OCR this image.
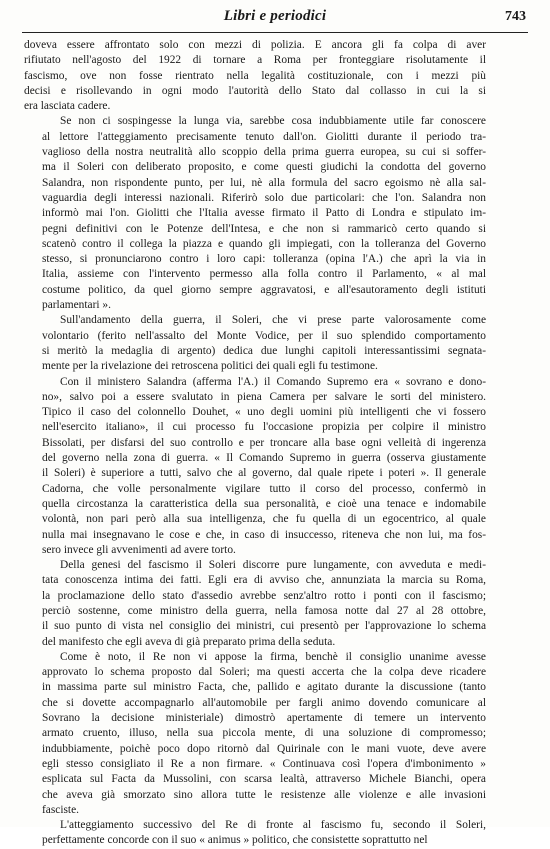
Libri e periodici	743

doveva essere affrontato solo con mezzi di polizia. E ancora gli fa colpa di aver
rifiutato nell'agosto del 1922 di tornare a Roma per fronteggiare risolutamente il
fascismo, ove non fosse rientrato nella legalità costituzionale, con i mezzi più
decisi e risollevando in ogni modo l'autorità dello Stato dal collasso in cui la si
era lasciata cadere.

Se non ci sospingesse la lunga via, sarebbe cosa indubbiamente utile far conoscere
al lettore l'atteggiamento precisamente tenuto dall'on. Giolitti durante il periodo tra-
vaglioso della nostra neutralità allo scoppio della prima guerra europea, su cui si soffer-
ma il Soleri con deliberato proposito, e come questi giudichi la condotta del governo
Salandra, non rispondente punto, per lui, nè alla formula del sacro egoismo nè alla sal-
vaguardia degli interessi nazionali. Riferirò solo due particolari: che l'on. Salandra non
informò mai l'on. Giolitti che l'Italia avesse firmato il Patto di Londra e stipulato im-
pegni definitivi con le Potenze dell'Intesa, e che non si rammaricò certo quando si
scatenò contro il collega la piazza e quando gli impiegati, con la tolleranza del Governo
stesso, si pronunciarono contro i loro capi: tolleranza (opina l'A.) che aprì la via in
Italia, assieme con l'intervento permesso alla folla contro il Parlamento, « al mal
costume politico, da quel giorno sempre aggravatosi, e all'esautoramento degli istituti
parlamentari ».

Sull'andamento della guerra, il Soleri, che vi prese parte valorosamente come
volontario (ferito nell'assalto del Monte Vodice, per il suo splendido comportamento
si meritò la medaglia di argento) dedica due lunghi capitoli interessantissimi segnata-
mente per la rivelazione dei retroscena politici dei quali egli fu testimone.

Con il ministero Salandra (afferma l'A.) il Comando Supremo era « sovrano e dono-
no», salvo poi a essere svalutato in piena Camera per salvare le sorti del ministero.
Tipico il caso del colonnello Douhet, « uno degli uomini più intelligenti che vi fossero
nell'esercito italiano», il cui processo fu l'occasione propizia per colpire il ministro
Bissolati, per disfarsi del suo controllo e per troncare alla base ogni velleità di ingerenza
del governo nella zona di guerra. « Il Comando Supremo in guerra (osserva giustamente
il Soleri) è superiore a tutti, salvo che al governo, dal quale ripete i poteri ». Il generale
Cadorna, che volle personalmente vigilare tutto il corso del processo, confermò in
quella circostanza la caratteristica della sua personalità, e cioè una tenace e indomabile
volontà, non pari però alla sua intelligenza, che fu quella di un egocentrico, al quale
nulla mai insegnavano le cose e che, in caso di insuccesso, riteneva che non lui, ma fos-
sero invece gli avvenimenti ad avere torto.

Della genesi del fascismo il Soleri discorre pure lungamente, con avveduta e medi-
tata conoscenza intima dei fatti. Egli era di avviso che, annunziata la marcia su Roma,
la proclamazione dello stato d'assedio avrebbe senz'altro rotto i ponti con il fascismo;
perciò sostenne, come ministro della guerra, nella famosa notte dal 27 al 28 ottobre,
il suo punto di vista nel consiglio dei ministri, cui presentò per l'approvazione lo schema
del manifesto che egli aveva di già preparato prima della seduta.

Come è noto, il Re non vi appose la firma, benchè il consiglio unanime avesse
approvato lo schema proposto dal Soleri; ma questi accerta che la colpa deve ricadere
in massima parte sul ministro Facta, che, pallido e agitato durante la discussione (tanto
che si dovette accompagnarlo all'automobile per fargli animo dovendo comunicare al
Sovrano la decisione ministeriale) dimostrò apertamente di temere un intervento
armato cruento, illuso, nella sua piccola mente, di una soluzione di compromesso;
indubbiamente, poichè poco dopo ritornò dal Quirinale con le mani vuote, deve avere
egli stesso consigliato il Re a non firmare. « Continuava così l'opera d'imbonimento »
esplicata sul Facta da Mussolini, con scarsa lealtà, attraverso Michele Bianchi, opera
che aveva già smorzato sino allora tutte le resistenze alle violenze e alle invasioni
fasciste.

L'atteggiamento successivo del Re di fronte al fascismo fu, secondo il Soleri,
perfettamente concorde con il suo « animus » politico, che consistette soprattutto nel
